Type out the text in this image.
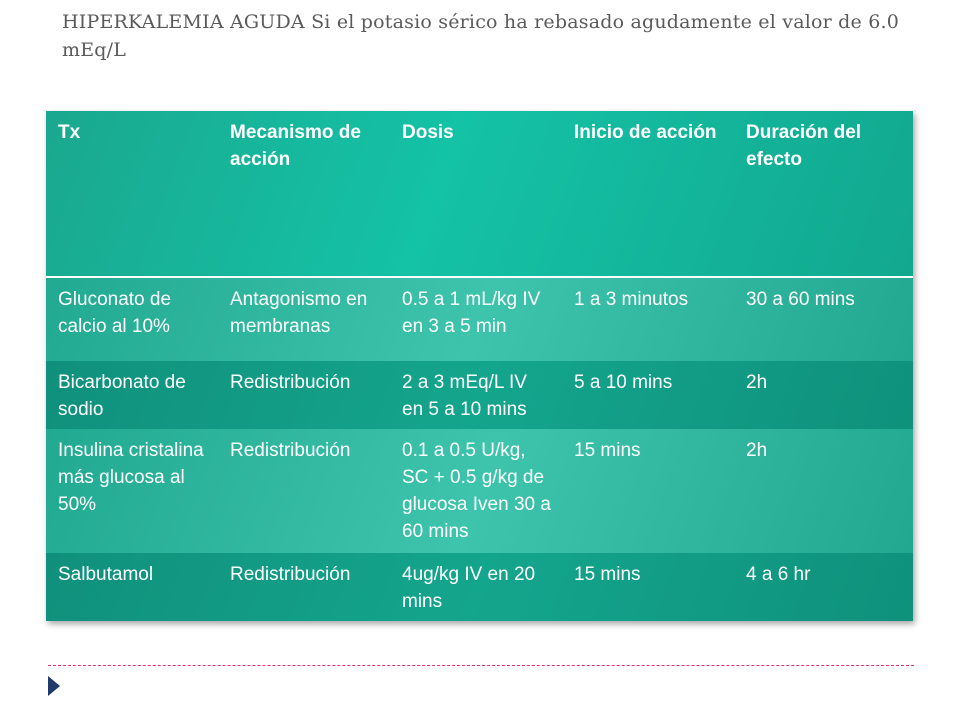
HIPERKALEMIA AGUDA Si el potasio sérico ha rebasado agudamente el valor de 6.0 mEq/L
Tx	Mecanismo de acción	Dosis	Inicio de acción	Duración del efecto
Gluconato de calcio al 10%	Antagonismo en membranas	0.5 a 1 mL/kg IV en 3 a 5 min	1 a 3 minutos	30 a 60 mins
Bicarbonato de sodio	Redistribución	2 a 3 mEq/L IV en 5 a 10 mins	5 a 10 mins	2h
Insulina cristalina más glucosa al 50%	Redistribución	0.1 a 0.5 U/kg, SC + 0.5 g/kg de glucosa Iven 30 a 60 mins	15 mins	2h
Salbutamol	Redistribución	4ug/kg IV en 20 mins	15 mins	4 a 6 hr
